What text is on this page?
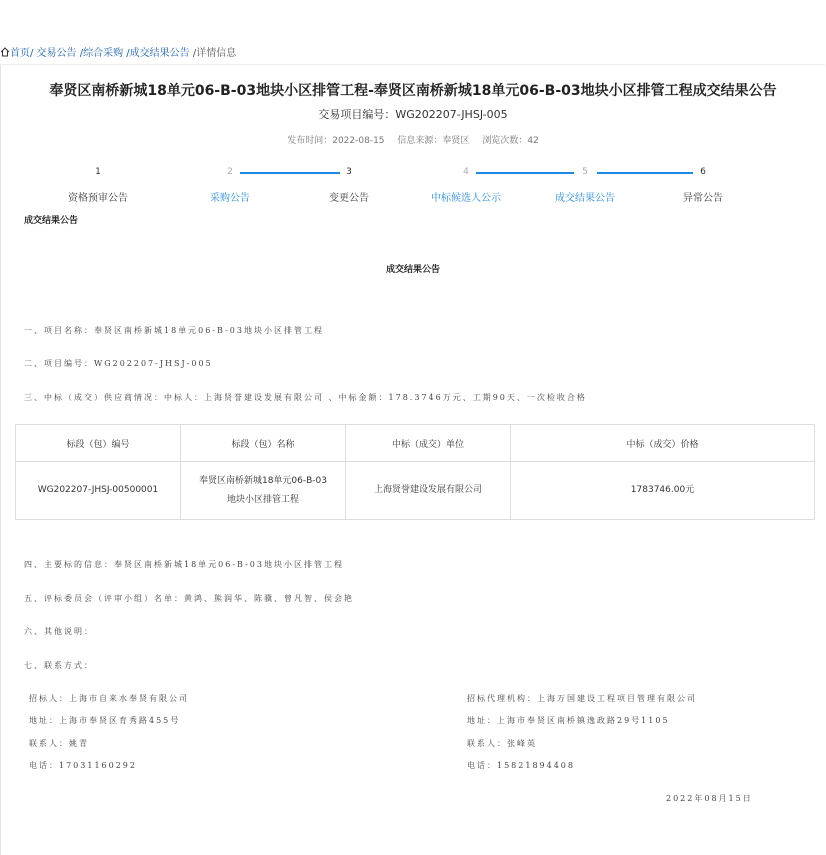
首页/ 交易公告 /综合采购 /成交结果公告 /详情信息
奉贤区南桥新城18单元06-B-03地块小区排管工程-奉贤区南桥新城18单元06-B-03地块小区排管工程成交结果公告
交易项目编号：WG202207-JHSJ-005
发布时间：2022-08-15 信息来源：奉贤区 浏览次数：42
1	2	3	4	5	6
资格预审公告	采购公告	变更公告	中标候选人公示	成交结果公告	异常公告
成交结果公告
成交结果公告
一、项目名称：奉贤区南桥新城18单元06-B-03地块小区排管工程
二、项目编号：WG202207-JHSJ-005
三、中标（成交）供应商情况：中标人：上海贤誉建设发展有限公司 、中标金额：178.3746万元、工期90天、一次检收合格
标段（包）编号	标段（包）名称	中标（成交）单位	中标（成交）价格
WG202207-JHSJ-00500001	奉贤区南桥新城18单元06-B-03
地块小区排管工程	上海贤誉建设发展有限公司	1783746.00元
四、主要标的信息：奉贤区南桥新城18单元06-B-03地块小区排管工程
五、评标委员会（评审小组）名单：黄鸿、熊润华、陈骥、曾凡智、侯会艳
六、其他说明：
七、联系方式：
招标人：上海市自来水奉贤有限公司
地址：上海市奉贤区育秀路455号
联系人：姚青
电话：17031160292
招标代理机构：上海万国建设工程项目管理有限公司
地址：上海市奉贤区南桥镇逸政路29号1105
联系人：张峰英
电话：15821894408
2022年08月15日
